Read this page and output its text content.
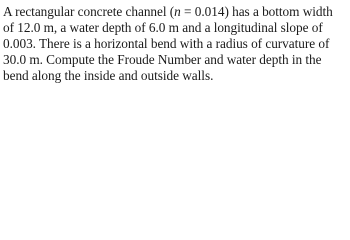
A rectangular concrete channel (n = 0.014) has a bottom width
of 12.0 m, a water depth of 6.0 m and a longitudinal slope of
0.003. There is a horizontal bend with a radius of curvature of
30.0 m. Compute the Froude Number and water depth in the
bend along the inside and outside walls.
